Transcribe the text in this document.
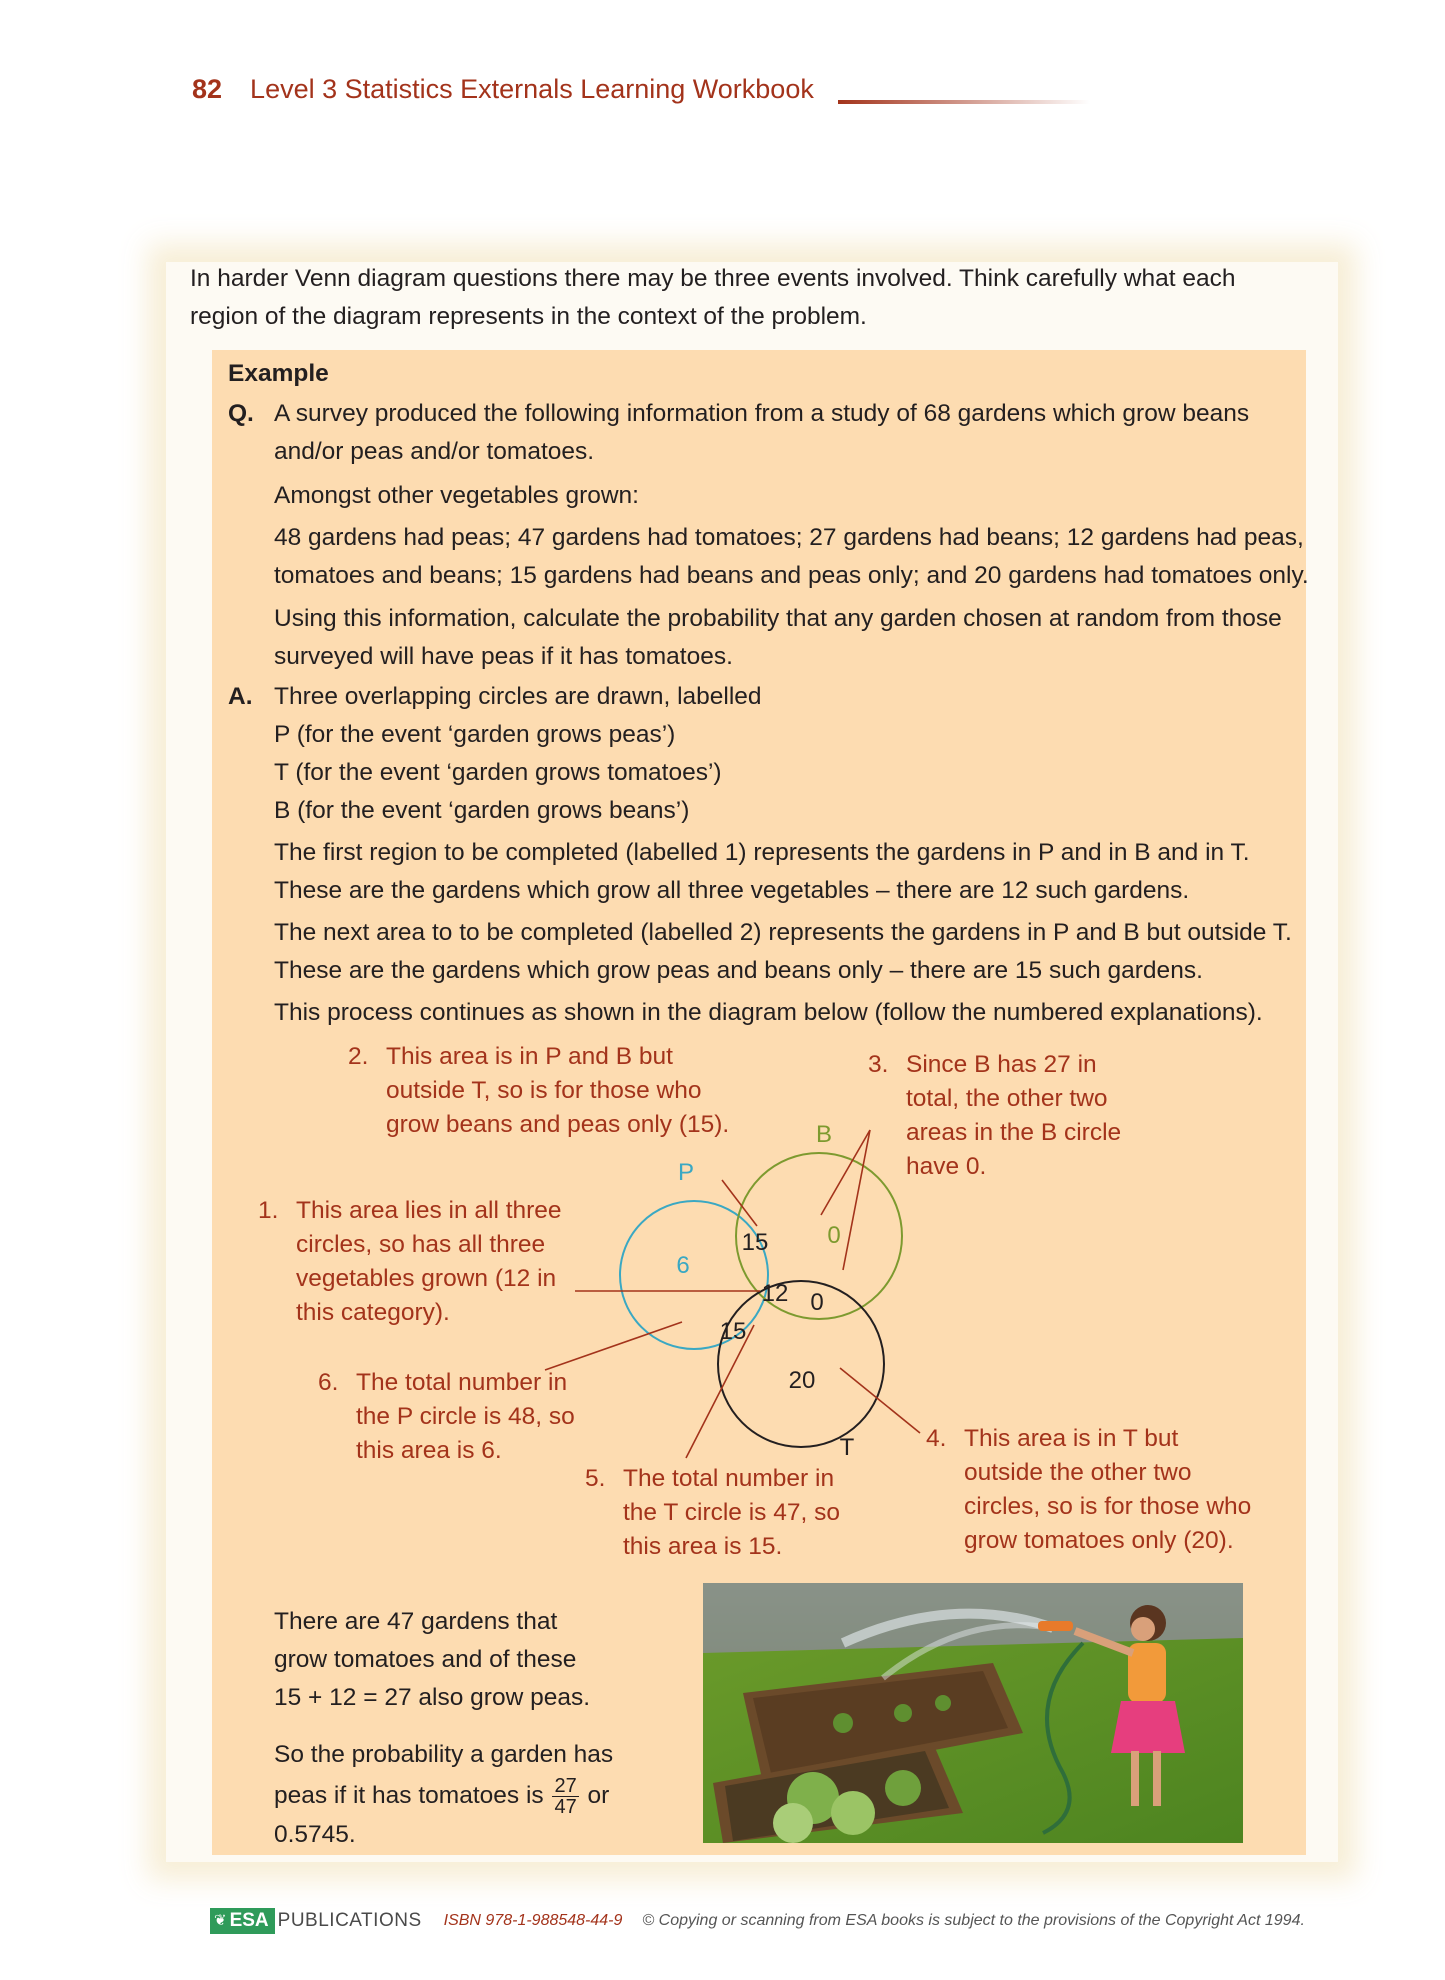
82 Level 3 Statistics Externals Learning Workbook
In harder Venn diagram questions there may be three events involved. Think carefully what each region of the diagram represents in the context of the problem.
Example
Q. A survey produced the following information from a study of 68 gardens which grow beans
and/or peas and/or tomatoes.
Amongst other vegetables grown:
48 gardens had peas; 47 gardens had tomatoes; 27 gardens had beans; 12 gardens had peas,
tomatoes and beans; 15 gardens had beans and peas only; and 20 gardens had tomatoes only.
Using this information, calculate the probability that any garden chosen at random from those
surveyed will have peas if it has tomatoes.
A. Three overlapping circles are drawn, labelled
P (for the event ‘garden grows peas’)
T (for the event ‘garden grows tomatoes’)
B (for the event ‘garden grows beans’)
The first region to be completed (labelled 1) represents the gardens in P and in B and in T.
These are the gardens which grow all three vegetables – there are 12 such gardens.
The next area to to be completed (labelled 2) represents the gardens in P and B but outside T.
These are the gardens which grow peas and beans only – there are 15 such gardens.
This process continues as shown in the diagram below (follow the numbered explanations).
P
B
T
6
15 0
12 0
15
20
1. This area lies in all three
circles, so has all three
vegetables grown (12 in
this category).
2. This area is in P and B but
outside T, so is for those who
grow beans and peas only (15).
3. Since B has 27 in
total, the other two
areas in the B circle
have 0.
4. This area is in T but
outside the other two
circles, so is for those who
grow tomatoes only (20).
5. The total number in
the T circle is 47, so
this area is 15.
6. The total number in
the P circle is 48, so
this area is 6.
There are 47 gardens that
grow tomatoes and of these
15 + 12 = 27 also grow peas.
So the probability a garden has
peas if it has tomatoes is $\frac{27}{47}$ or
0.5745.
❦ ESA PUBLICATIONS ISBN 978-1-988548-44-9 © Copying or scanning from ESA books is subject to the provisions of the Copyright Act 1994.
